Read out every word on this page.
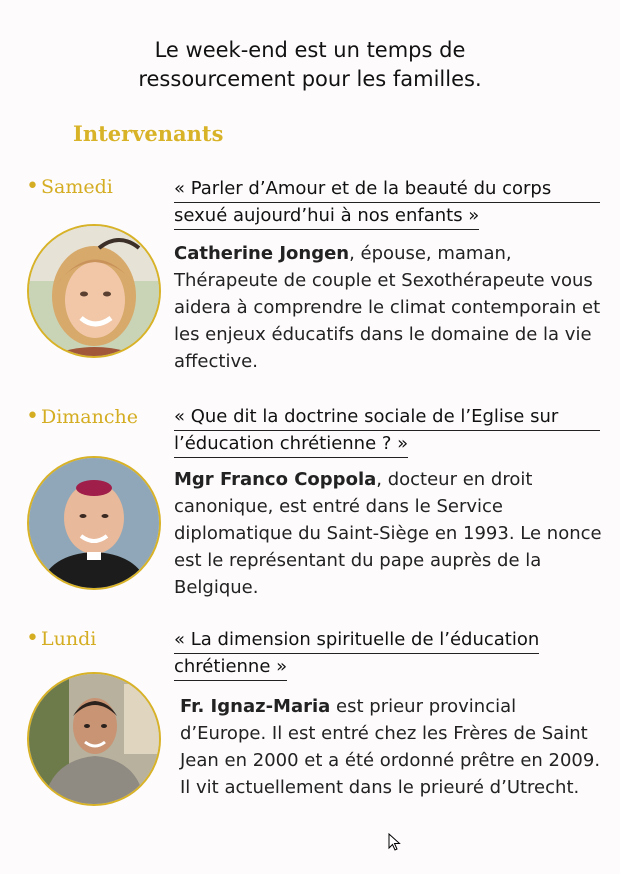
Le week-end est un temps de
ressourcement pour les familles.
Intervenants
• Samedi	« Parler d’Amour et de la beauté du corps
sexué aujourd’hui à nos enfants »
Catherine Jongen, épouse, maman, Thérapeute de couple et Sexothérapeute vous aidera à comprendre le climat contemporain et les enjeux éducatifs dans le domaine de la vie affective.
• Dimanche « Que dit la doctrine sociale de l’Eglise sur
l’éducation chrétienne ? »
Mgr Franco Coppola, docteur en droit canonique, est entré dans le Service diplomatique du Saint-Siège en 1993. Le nonce est le représentant du pape auprès de la Belgique.
• Lundi	« La dimension spirituelle de l’éducation chrétienne »
Fr. Ignaz-Maria est prieur provincial d’Europe. Il est entré chez les Frères de Saint Jean en 2000 et a été ordonné prêtre en 2009. Il vit actuellement dans le prieuré d’Utrecht.
